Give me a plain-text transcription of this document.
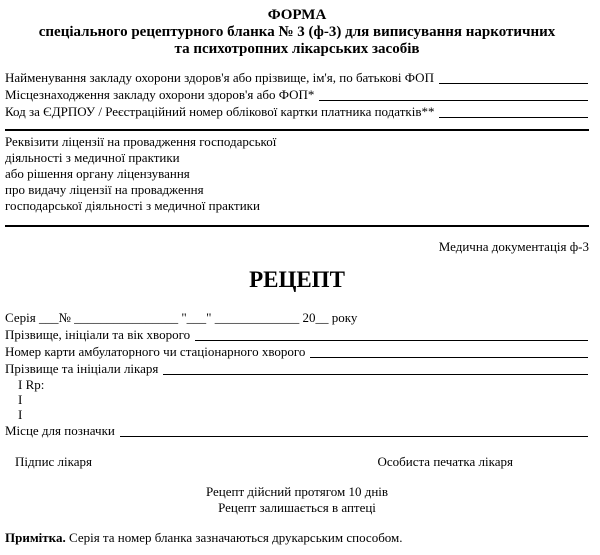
ФОРМА
спеціального рецептурного бланка № 3 (ф-3) для виписування наркотичних
та психотропних лікарських засобів
Найменування закладу охорони здоров'я або прізвище, ім'я, по батькові ФОП
Місцезнаходження закладу охорони здоров'я або ФОП*
Код за ЄДРПОУ / Реєстраційний номер облікової картки платника податків**
Реквізити ліцензії на провадження господарської
діяльності з медичної практики
або рішення органу ліцензування
про видачу ліцензії на провадження
господарської діяльності з медичної практики
Медична документація ф-3
РЕЦЕПТ
Серія ___№ ________________ "___" _____________ 20__ року
Прізвище, ініціали та вік хворого
Номер карти амбулаторного чи стаціонарного хворого
Прізвище та ініціали лікаря
І Rp:
І
І
Місце для позначки
Підпис лікаря	Особиста печатка лікаря
Рецепт дійсний протягом 10 днів
Рецепт залишається в аптеці
Примітка. Серія та номер бланка зазначаються друкарським способом.
